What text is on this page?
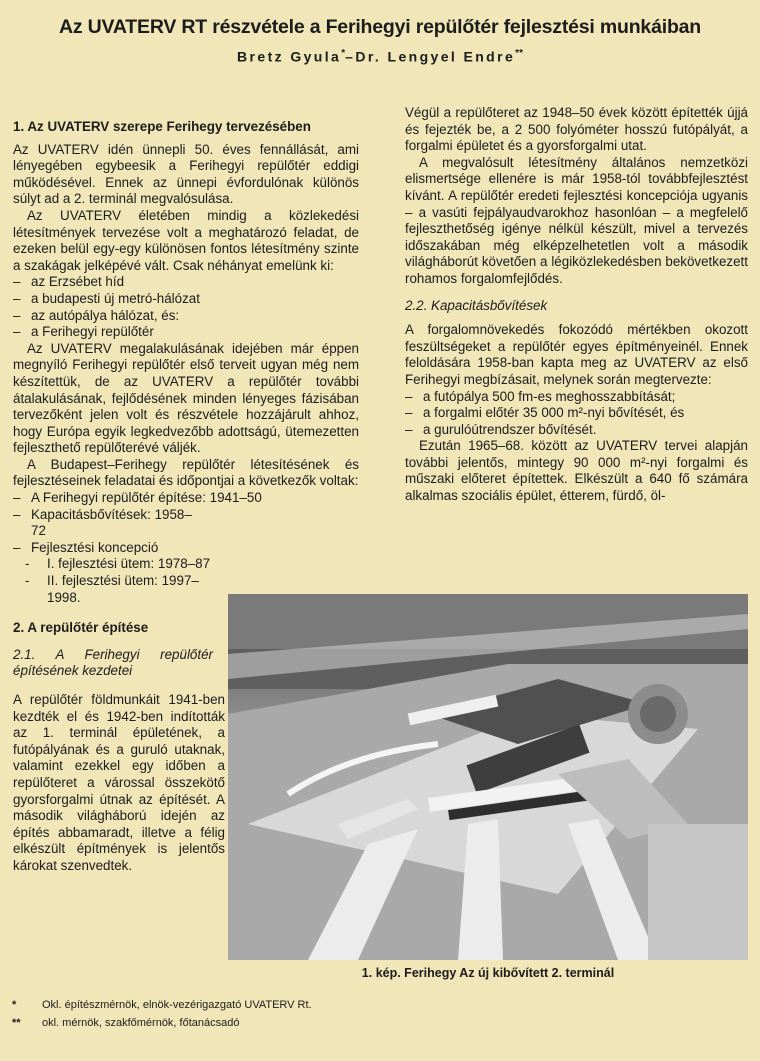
Az UVATERV RT részvétele a Ferihegyi repülőtér fejlesztési munkáiban
Bretz Gyula*–Dr. Lengyel Endre**

1. Az UVATERV szerepe Ferihegy tervezésében

Az UVATERV idén ünnepli 50. éves fennállását, ami lényegében egybeesik a Ferihegyi repülőtér eddigi működésével. Ennek az ünnepi évfordulónak különös súlyt ad a 2. terminál megvalósulása.

Az UVATERV életében mindig a közlekedési létesítmények tervezése volt a meghatározó feladat, de ezeken belül egy-egy különösen fontos létesítmény szinte a szakágak jelképévé vált. Csak néhányat emelünk ki:

– az Erzsébet híd
– a budapesti új metró-hálózat
– az autópálya hálózat, és:
– a Ferihegyi repülőtér

Az UVATERV megalakulásának idejében már éppen megnyíló Ferihegyi repülőtér első terveit ugyan még nem készítettük, de az UVATERV a repülőtér további átalakulásának, fejlődésének minden lényeges fázisában tervezőként jelen volt és részvétele hozzájárult ahhoz, hogy Európa egyik legkedvezőbb adottságú, ütemezetten fejleszthető repülőterévé váljék.

A Budapest–Ferihegy repülőtér létesítésének és fejlesztéseinek feladatai és időpontjai a következők voltak:

– A Ferihegyi repülőtér építése: 1941–50
– Kapacitásbővítések: 1958–72
– Fejlesztési koncepció
-	I. fejlesztési ütem: 1978–87
-	II. fejlesztési ütem: 1997–1998.

2. A repülőtér építése

2.1. A Ferihegyi repülőtér építésének kezdetei

A repülőtér földmunkáit 1941-ben kezdték el és 1942-ben indították az 1. terminál épületének, a futópályának és a guruló utaknak, valamint ezekkel egy időben a repülőteret a várossal összekötő gyorsforgalmi útnak az építését. A második világháború idején az építés abbamaradt, illetve a félig elkészült építmények is jelentős károkat szenvedtek.

Végül a repülőteret az 1948–50 évek között építették újjá és fejezték be, a 2 500 folyóméter hosszú futópályát, a forgalmi épületet és a gyorsforgalmi utat.

A megvalósult létesítmény általános nemzetközi elismertsége ellenére is már 1958-tól továbbfejlesztést kívánt. A repülőtér eredeti fejlesztési koncepciója ugyanis – a vasúti fejpályaudvarokhoz hasonlóan – a megfelelő fejleszthetőség igénye nélkül készült, mivel a tervezés időszakában még elképzelhetetlen volt a második világháborút követően a légiközlekedésben bekövetkezett rohamos forgalomfejlődés.

2.2. Kapacitásbővítések

A forgalomnövekedés fokozódó mértékben okozott feszültségeket a repülőtér egyes építményeinél. Ennek feloldására 1958-ban kapta meg az UVATERV az első Ferihegyi megbízásait, melynek során megtervezte:

– a futópálya 500 fm-es meghosszabbítását;
– a forgalmi előtér 35 000 m²-nyi bővítését, és
– a gurulóútrendszer bővítését.

Ezután 1965–68. között az UVATERV tervei alapján további jelentős, mintegy 90 000 m²-nyi forgalmi és műszaki előteret építettek. Elkészült a 640 fő számára alkalmas szociális épület, étterem, fürdő, öl-

1. kép. Ferihegy Az új kibővített 2. terminál
*	Okl. építészmérnök, elnök-vezérigazgató UVATERV Rt.
**	okl. mérnök, szakfőmérnök, főtanácsadó
